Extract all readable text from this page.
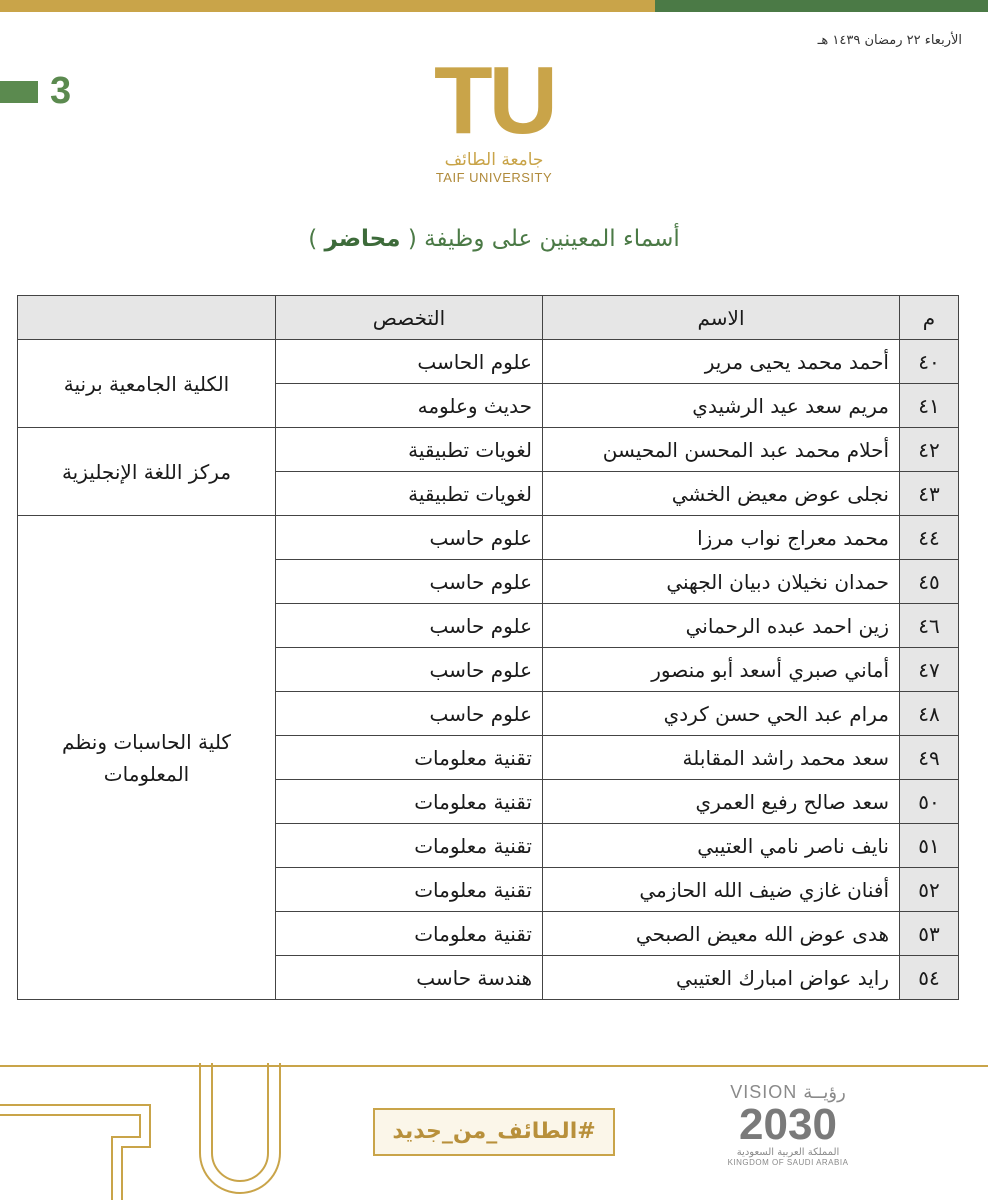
الأربعاء ٢٢ رمضان ١٤٣٩ هـ
3	TU
جامعة الطائف
TAIF UNIVERSITY
أسماء المعينين على وظيفة ( محاضر )
م	الاسم	التخصص	
٤٠	أحمد محمد يحيى مرير	علوم الحاسب	الكلية الجامعية برنية
٤١	مريم سعد عيد الرشيدي	حديث وعلومه	
٤٢	أحلام محمد عبد المحسن المحيسن	لغويات تطبيقية	مركز اللغة الإنجليزية
٤٣	نجلى عوض معيض الخشي	لغويات تطبيقية	
٤٤	محمد معراج نواب مرزا	علوم حاسب	كلية الحاسبات ونظم المعلومات
٤٥	حمدان نخيلان دبيان الجهني	علوم حاسب	
٤٦	زين احمد عبده الرحماني	علوم حاسب	
٤٧	أماني صبري أسعد أبو منصور	علوم حاسب	
٤٨	مرام عبد الحي حسن كردي	علوم حاسب	
٤٩	سعد محمد راشد المقابلة	تقنية معلومات	
٥٠	سعد صالح رفيع العمري	تقنية معلومات	
٥١	نايف ناصر نامي العتيبي	تقنية معلومات	
٥٢	أفنان غازي ضيف الله الحازمي	تقنية معلومات	
٥٣	هدى عوض الله معيض الصبحي	تقنية معلومات	
٥٤	رايد عواض امبارك العتيبي	هندسة حاسب	
#الطائف_من_جديد
VISION رؤيــة
2030
المملكة العربية السعودية
KINGDOM OF SAUDI ARABIA
